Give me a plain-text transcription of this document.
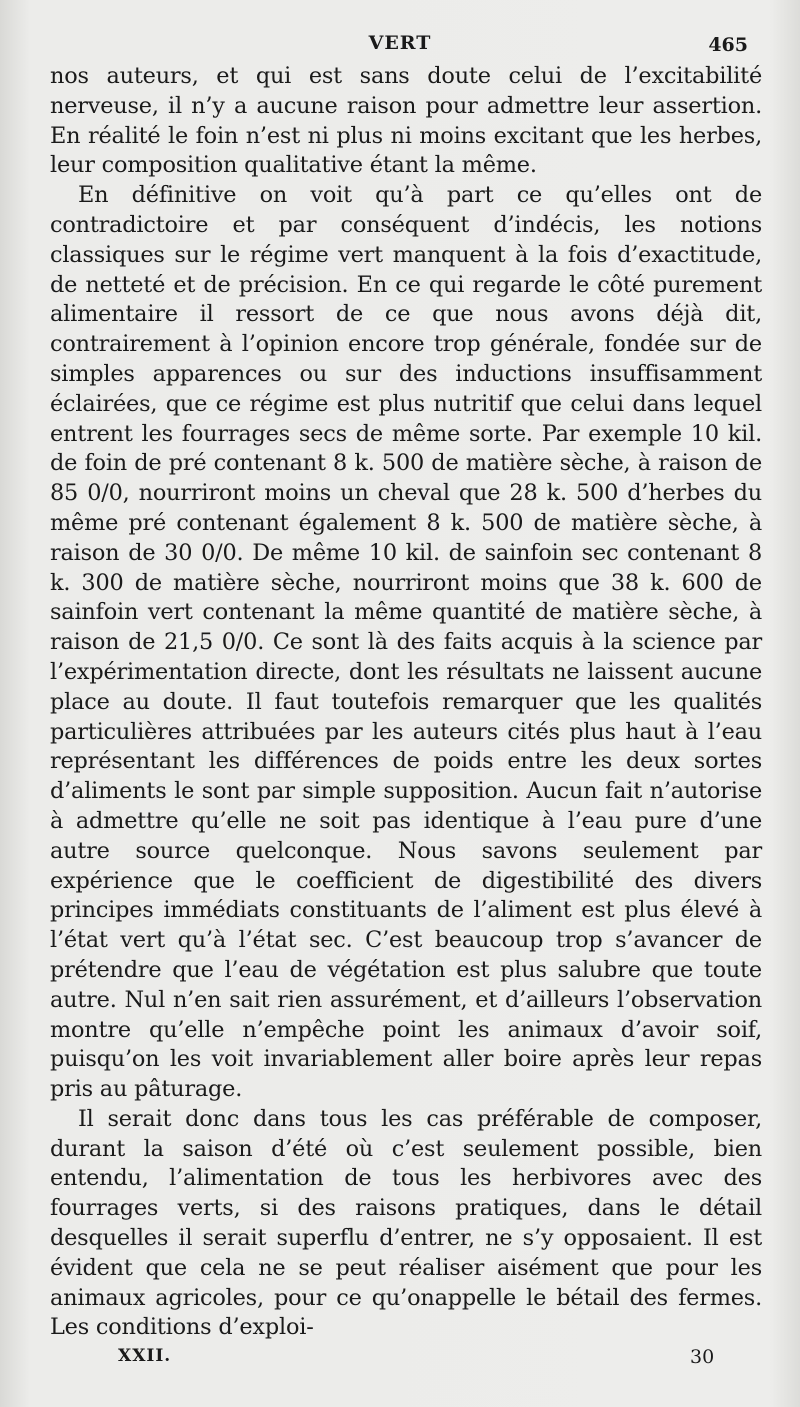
VERT	465

nos auteurs, et qui est sans doute celui de l’excitabilité nerveuse, il n’y a aucune raison pour admettre leur assertion. En réalité le foin n’est ni plus ni moins excitant que les herbes, leur composition qualitative étant la même.

En définitive on voit qu’à part ce qu’elles ont de contradictoire et par conséquent d’indécis, les notions classiques sur le régime vert manquent à la fois d’exactitude, de netteté et de précision. En ce qui regarde le côté purement alimentaire il ressort de ce que nous avons déjà dit, contrairement à l’opinion encore trop générale, fondée sur de simples apparences ou sur des inductions insuffisamment éclairées, que ce régime est plus nutritif que celui dans lequel entrent les fourrages secs de même sorte. Par exemple 10 kil. de foin de pré contenant 8 k. 500 de matière sèche, à raison de 85 0/0, nourriront moins un cheval que 28 k. 500 d’herbes du même pré contenant également 8 k. 500 de matière sèche, à raison de 30 0/0. De même 10 kil. de sainfoin sec contenant 8 k. 300 de matière sèche, nourriront moins que 38 k. 600 de sainfoin vert contenant la même quantité de matière sèche, à raison de 21,5 0/0. Ce sont là des faits acquis à la science par l’expérimentation directe, dont les résultats ne laissent aucune place au doute. Il faut toutefois remarquer que les qualités particulières attribuées par les auteurs cités plus haut à l’eau représentant les différences de poids entre les deux sortes d’aliments le sont par simple supposition. Aucun fait n’autorise à admettre qu’elle ne soit pas identique à l’eau pure d’une autre source quelconque. Nous savons seulement par expérience que le coefficient de digestibilité des divers principes immédiats constituants de l’aliment est plus élevé à l’état vert qu’à l’état sec. C’est beaucoup trop s’avancer de prétendre que l’eau de végétation est plus salubre que toute autre. Nul n’en sait rien assurément, et d’ailleurs l’observation montre qu’elle n’empêche point les animaux d’avoir soif, puisqu’on les voit invariablement aller boire après leur repas pris au pâturage.

Il serait donc dans tous les cas préférable de composer, durant la saison d’été où c’est seulement possible, bien entendu, l’alimentation de tous les herbivores avec des fourrages verts, si des raisons pratiques, dans le détail desquelles il serait superflu d’entrer, ne s’y opposaient. Il est évident que cela ne se peut réaliser aisément que pour les animaux agricoles, pour ce qu’onappelle le bétail des fermes. Les conditions d’exploi-

XXII.	30
